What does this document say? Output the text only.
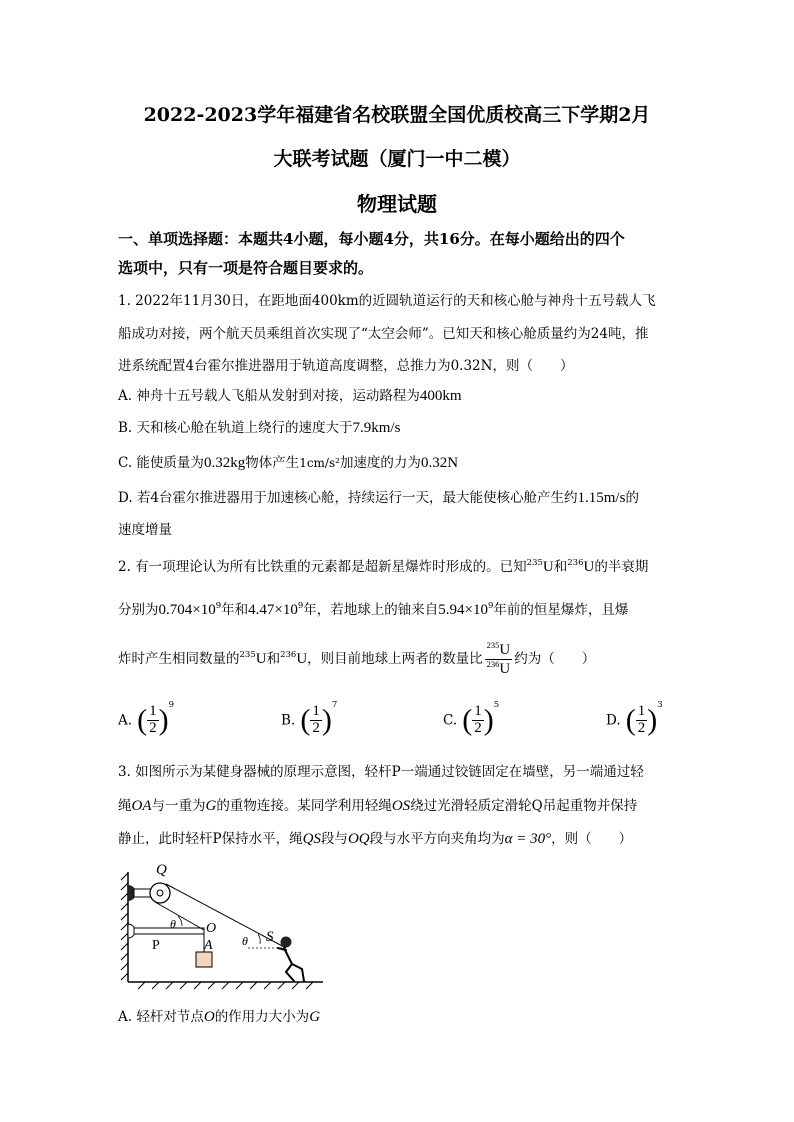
2022-2023学年福建省名校联盟全国优质校高三下学期2月
大联考试题（厦门一中二模）
物理试题
一、单项选择题：本题共4小题，每小题4分，共16分。在每小题给出的四个
选项中，只有一项是符合题目要求的。
1. 2022年11月30日，在距地面400km的近圆轨道运行的天和核心舱与神舟十五号载人飞
船成功对接，两个航天员乘组首次实现了“太空会师”。已知天和核心舱质量约为24吨，推
进系统配置4台霍尔推进器用于轨道高度调整，总推力为0.32N，则（　　）
A. 神舟十五号载人飞船从发射到对接，运动路程为400km
B. 天和核心舱在轨道上绕行的速度大于7.9km/s
C. 能使质量为0.32kg物体产生1cm/s²加速度的力为0.32N
D. 若4台霍尔推进器用于加速核心舱，持续运行一天，最大能使核心舱产生约1.15m/s的
速度增量
2. 有一项理论认为所有比铁重的元素都是超新星爆炸时形成的。已知$^{235}$U和$^{236}$U的半衰期
分别为$0.704\times 10^9$年和$4.47\times 10^9$年，若地球上的铀来自$5.94\times 10^9$年前的恒星爆炸，且爆
炸时产生相同数量的$^{235}$U和$^{236}$U，则目前地球上两者的数量比 $\frac{^{235}U}{^{236}U}$ 约为（　　）
A. ( $\frac{1}{2} )^9$
B. ( $\frac{1}{2} )^7$
C. ( $\frac{1}{2} )^5$
D. ( $\frac{1}{2} )^3$
3. 如图所示为某健身器械的原理示意图，轻杆P一端通过铰链固定在墙壁，另一端通过轻
绳OA与一重为G的重物连接。某同学利用轻绳OS绕过光滑轻质定滑轮Q吊起重物并保持
静止，此时轻杆P保持水平，绳QS段与OQ段与水平方向夹角均为α = 30°，则（　　）
Q
θ O
P	A θ S
A. 轻杆对节点O的作用力大小为G
